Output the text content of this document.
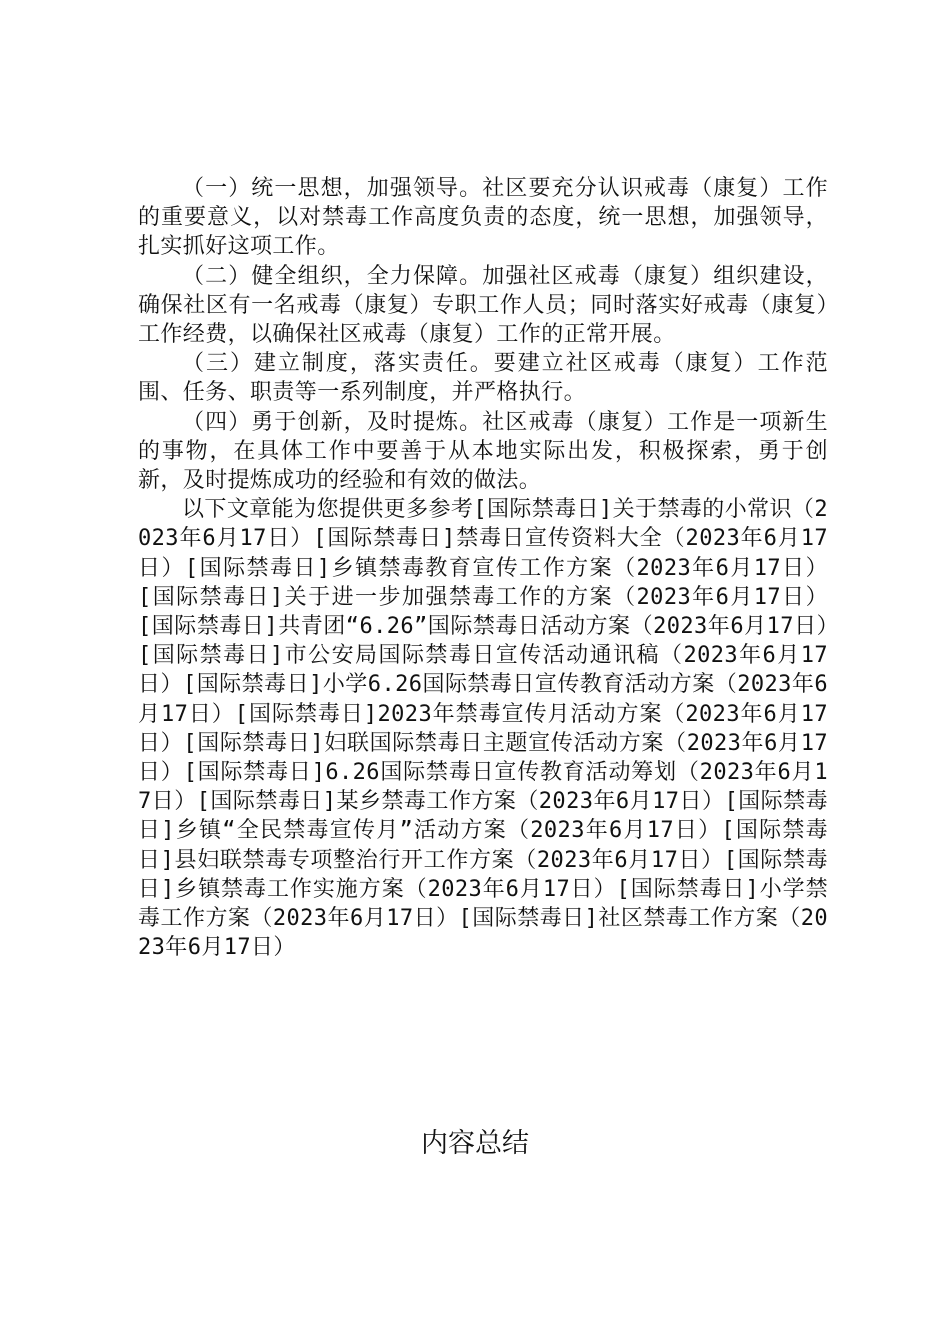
（一）统一思想，加强领导。社区要充分认识戒毒（康复）工作的重要意义，以对禁毒工作高度负责的态度，统一思想，加强领导，扎实抓好这项工作。

（二）健全组织，全力保障。加强社区戒毒（康复）组织建设，确保社区有一名戒毒（康复）专职工作人员；同时落实好戒毒（康复）工作经费，以确保社区戒毒（康复）工作的正常开展。

（三）建立制度，落实责任。要建立社区戒毒（康复）工作范围、任务、职责等一系列制度，并严格执行。

（四）勇于创新，及时提炼。社区戒毒（康复）工作是一项新生的事物，在具体工作中要善于从本地实际出发，积极探索，勇于创新，及时提炼成功的经验和有效的做法。

以下文章能为您提供更多参考[国际禁毒日]关于禁毒的小常识（2023年6月17日）[国际禁毒日]禁毒日宣传资料大全（2023年6月17日）[国际禁毒日]乡镇禁毒教育宣传工作方案（2023年6月17日）[国际禁毒日]关于进一步加强禁毒工作的方案（2023年6月17日）[国际禁毒日]共青团“6.26”国际禁毒日活动方案（2023年6月17日）[国际禁毒日]市公安局国际禁毒日宣传活动通讯稿（2023年6月17日）[国际禁毒日]小学6.26国际禁毒日宣传教育活动方案（2023年6月17日）[国际禁毒日]2023年禁毒宣传月活动方案（2023年6月17日）[国际禁毒日]妇联国际禁毒日主题宣传活动方案（2023年6月17日）[国际禁毒日]6.26国际禁毒日宣传教育活动筹划（2023年6月17日）[国际禁毒日]某乡禁毒工作方案（2023年6月17日）[国际禁毒日]乡镇“全民禁毒宣传月”活动方案（2023年6月17日）[国际禁毒日]县妇联禁毒专项整治行开工作方案（2023年6月17日）[国际禁毒日]乡镇禁毒工作实施方案（2023年6月17日）[国际禁毒日]小学禁毒工作方案（2023年6月17日）[国际禁毒日]社区禁毒工作方案（2023年6月17日）

内容总结
